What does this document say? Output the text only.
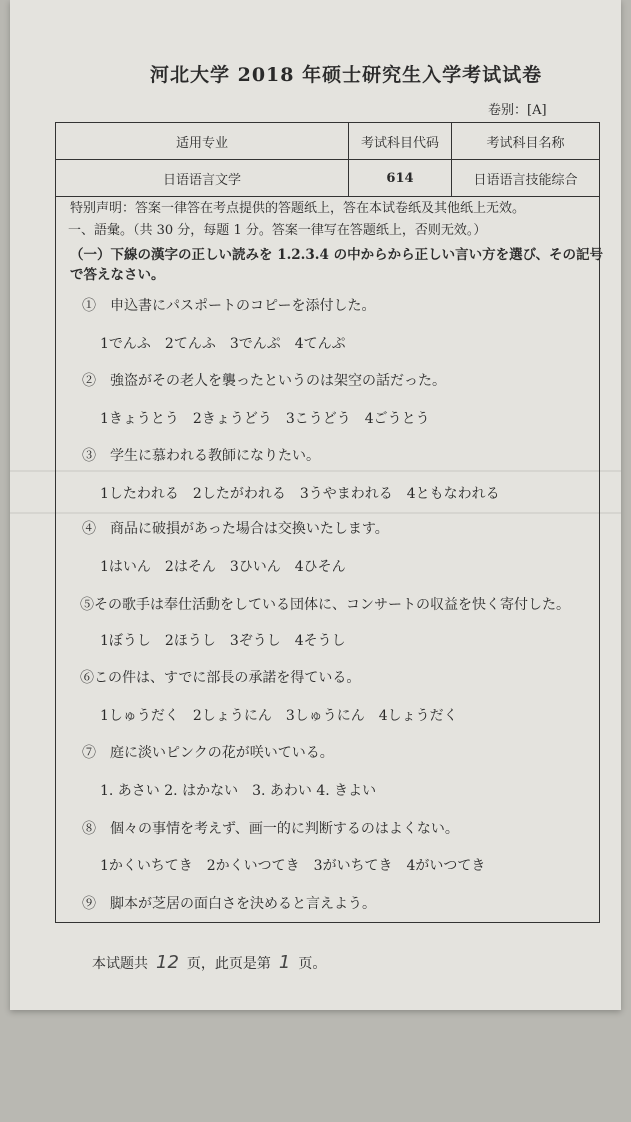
河北大学 2018 年硕士研究生入学考试试卷
卷别：[A]
适用专业	考试科目代码	考试科目名称
日语语言文学	614	日语语言技能综合
特别声明：答案一律答在考点提供的答题纸上，答在本试卷纸及其他纸上无效。
一、語彙。（共 30 分，每题 1 分。答案一律写在答题纸上，否则无效。）
（一）下線の漢字の正しい読みを 1.2.3.4 の中からから正しい言い方を選び、その記号で答えなさい。
①　申込書にパスポートのコピーを添付した。
1でんふ　2てんふ　3でんぷ　4てんぷ
②　強盗がその老人を襲ったというのは架空の話だった。
1きょうとう　2きょうどう　3こうどう　4ごうとう
③　学生に慕われる教師になりたい。
1したわれる　2したがわれる　3うやまわれる　4ともなわれる
④　商品に破損があった場合は交換いたします。
1はいん　2はそん　3ひいん　4ひそん
⑤その歌手は奉仕活動をしている団体に、コンサートの収益を快く寄付した。
1ぼうし　2ほうし　3ぞうし　4そうし
⑥この件は、すでに部長の承諾を得ている。
1しゅうだく　2しょうにん　3しゅうにん　4しょうだく
⑦　庭に淡いピンクの花が咲いている。
1. あさい 2. はかない　3. あわい 4. きよい
⑧　個々の事情を考えず、画一的に判断するのはよくない。
1かくいちてき　2かくいつてき　3がいちてき　4がいつてき
⑨　脚本が芝居の面白さを決めると言えよう。
本试题共 12 页，此页是第 1 页。
